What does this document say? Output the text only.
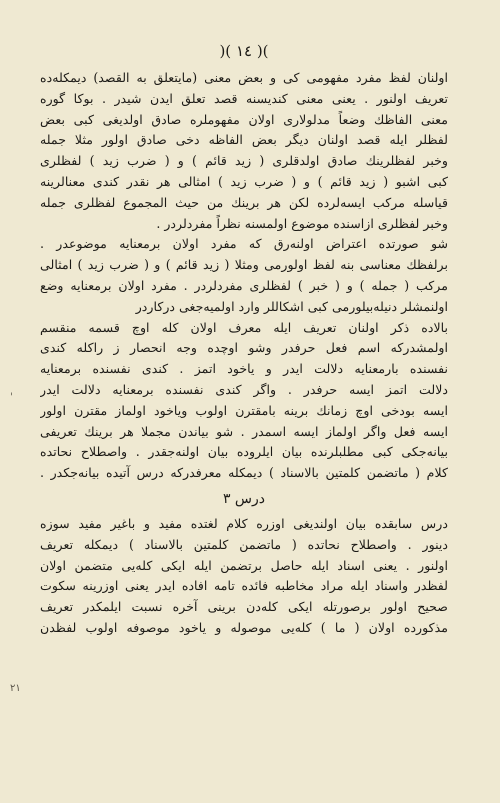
)( ١٤ )(
اولنان لفظ مفرد مفهومی کی و بعض معنی (مایتعلق به القصد) دیمکله‌ده
تعریف اولنور . یعنی معنی کندیسنه قصد تعلق ایدن شیدر . بوکا گوره
معنی الفاظك وضعاً مدلولاری اولان مفهوملره صادق اولدیغی کبی بعض
لفظلر ایله قصد اولنان دیگر بعض الفاظه دخی صادق اولور مثلا جمله
وخبر لفظلرینك صادق اولدقلری ( زید قائم ) و ( ضرب زید ) لفظلری
کبی اشبو ( زید قائم ) و ( ضرب زید ) امثالی هر نقدر کندی معنالرینه
قیاسله مرکب ایسه‌لرده لکن هر برینك من حیث المجموع لفظلری جمله
وخبر لفظلری ازاسنده موضوع اولمسنه نظراً مفردلردر .
شو صورتده اعتراض اولنه‌رق که مفرد اولان برمعنایه موضوعدر .
برلفظك معناسی بنه لفظ اولورمی ومثلا ( زید قائم ) و ( ضرب زید ) امثالی
مرکب ( جمله ) و ( خبر ) لفظلری مفردلردر . مفرد اولان برمعنایه وضع
اولنمشلر دنیله‌بیلورمی کبی اشکاللر وارد اولمیه‌جغی درکاردر
بالاده ذکر اولنان تعریف ایله معرف اولان کله اوچ قسمه منقسم
اولمشدرکه اسم فعل حرفدر وشو اوچده وجه انحصار ز راکله کندی
نفسنده بارمعنایه دلالت ایدر و یاخود اتمز . کندی نفسنده برمعنایه
دلالت اتمز ایسه حرفدر . واگر کندی نفسنده برمعنایه دلالت ایدر
ایسه بودخی اوچ زمانك برینه بامقترن اولوب ویاخود اولماز مقترن اولور
ایسه فعل واگر اولماز ایسه اسمدر . شو بیاندن مجملا هر برینك تعریفی
بیانه‌جکی کبی مطلبلرنده بیان ایلروده بیان اولنه‌جقدر . واصطلاح نحاتده
کلام ( ماتضمن کلمتین بالاسناد ) دیمکله معرفدرکه درس آتیده بیانه‌جکدر .
درس ٣
درس سابقده بیان اولندیغی اوزره کلام لغتده مفید و باغیر مفید سوزه
دینور . واصطلاح نحاتده ( ماتضمن کلمتین بالاسناد ) دیمکله تعریف
اولنور . یعنی اسناد ایله حاصل برتضمن ایله ایکی کله‌یی متضمن اولان
لفظدر واسناد ایله مراد مخاطبه فائده تامه افاده ایدر یعنی اوزرینه سکوت
صحیح اولور برصورتله ایکی کله‌دن برینی آخره نسبت ایلمکدر تعریف
مذکورده اولان ( ما ) کله‌یی موصوله و یاخود موصوفه اولوب لفظدن
'
٢١
